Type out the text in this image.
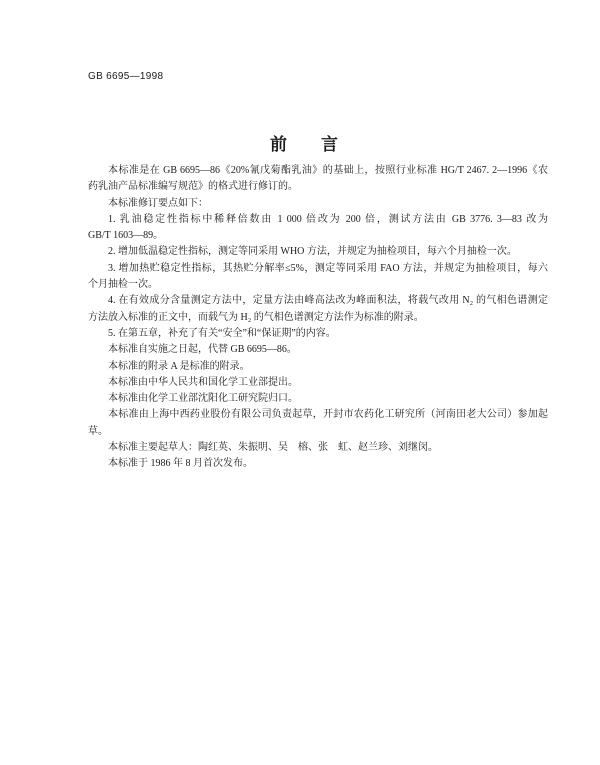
GB 6695—1998
前　　言
本标准是在 GB 6695—86《20%氰戊菊酯乳油》的基础上，按照行业标准 HG/T 2467. 2—1996《农
药乳油产品标准编写规范》的格式进行修订的。
本标准修订要点如下：
1. 乳油稳定性指标中稀释倍数由 1 000 倍改为 200 倍，测试方法由 GB 3776. 3—83 改为
GB/T 1603—89。
2. 增加低温稳定性指标，测定等同采用 WHO 方法，并规定为抽检项目，每六个月抽检一次。
3. 增加热贮稳定性指标，其热贮分解率≤5%，测定等同采用 FAO 方法，并规定为抽检项目，每六
个月抽检一次。
4. 在有效成分含量测定方法中，定量方法由峰高法改为峰面积法，将载气改用 N₂ 的气相色谱测定
方法放入标准的正文中，而载气为 H₂ 的气相色谱测定方法作为标准的附录。
5. 在第五章，补充了有关“安全”和“保证期”的内容。
本标准自实施之日起，代替 GB 6695—86。
本标准的附录 A 是标准的附录。
本标准由中华人民共和国化学工业部提出。
本标准由化学工业部沈阳化工研究院归口。
本标准由上海中西药业股份有限公司负责起草，开封市农药化工研究所（河南田老大公司）参加起
草。
本标准主要起草人：陶红英、朱振明、吴　榕、张　虹、赵兰珍、刘继闵。
本标准于 1986 年 8 月首次发布。
